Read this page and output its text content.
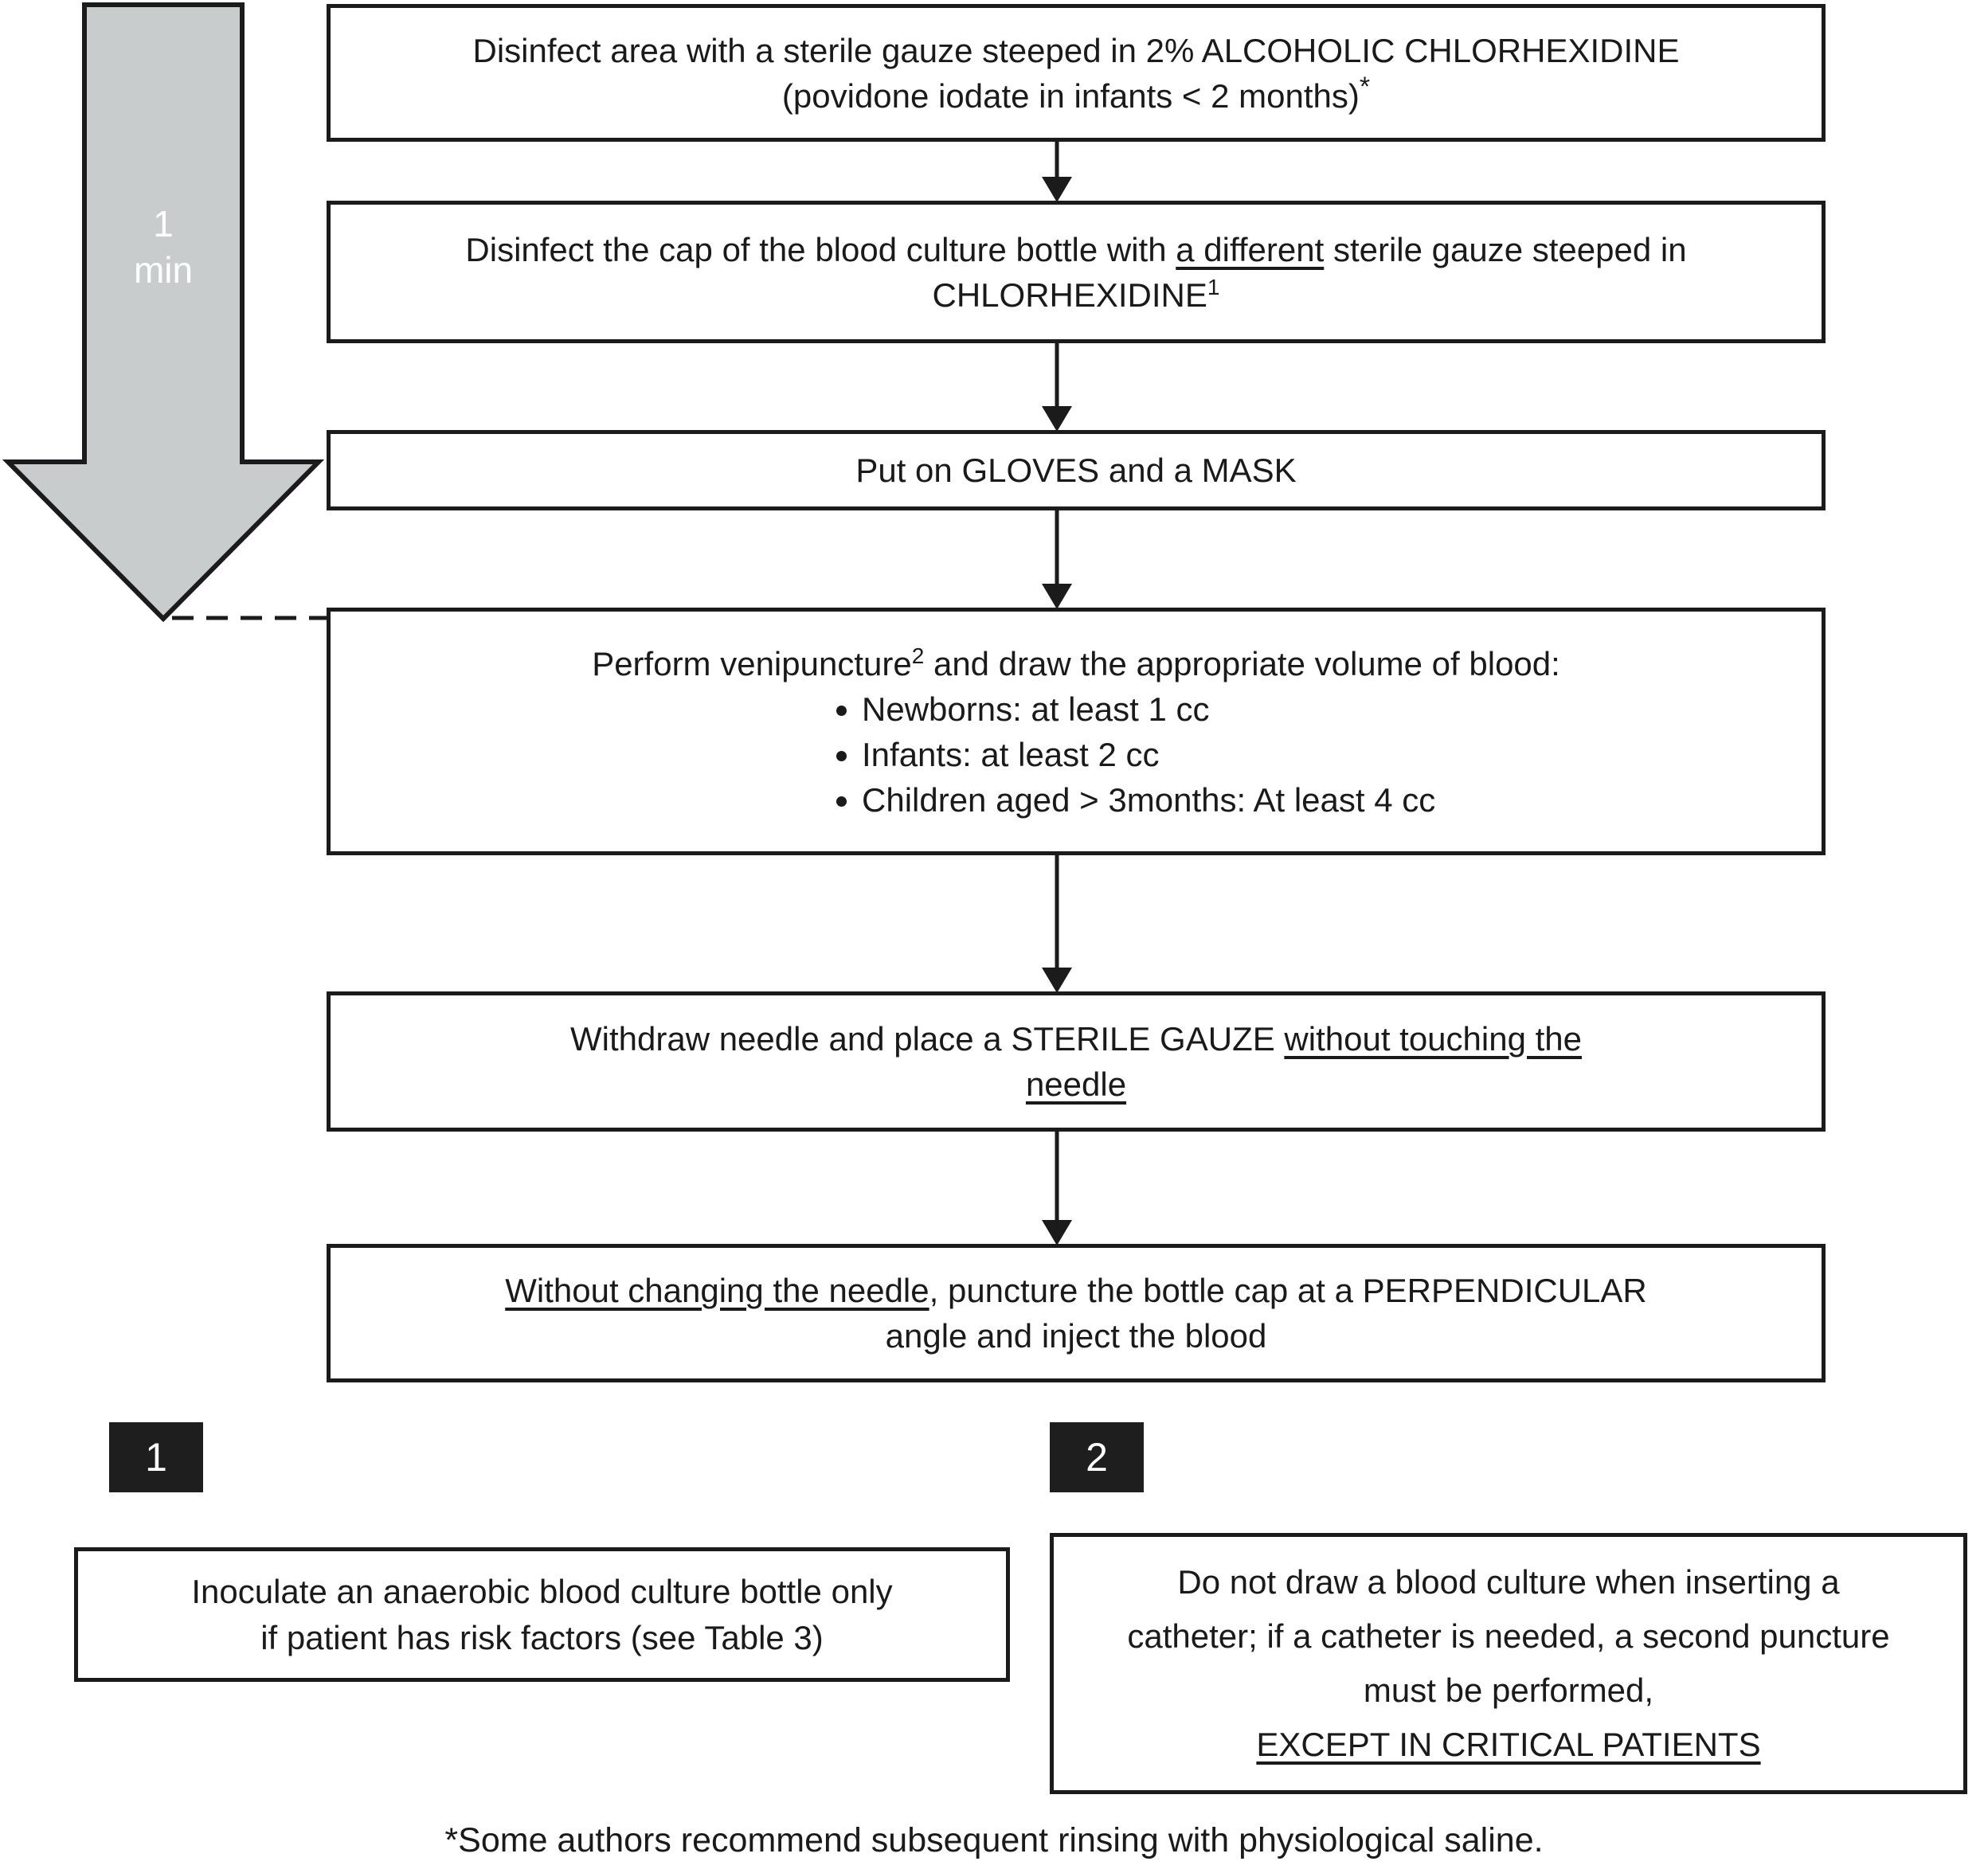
1
min
Disinfect area with a sterile gauze steeped in 2% ALCOHOLIC CHLORHEXIDINE
(povidone iodate in infants < 2 months)*
Disinfect the cap of the blood culture bottle with a different sterile gauze steeped in
CHLORHEXIDINE$^1$
Put on GLOVES and a MASK
Perform venipuncture$^2$ and draw the appropriate volume of blood:
• Newborns: at least 1 cc
• Infants: at least 2 cc
• Children aged > 3months: At least 4 cc
Withdraw needle and place a STERILE GAUZE without touching the
needle
Without changing the needle, puncture the bottle cap at a PERPENDICULAR
angle and inject the blood
1	2
Inoculate an anaerobic blood culture bottle only
if patient has risk factors (see Table 3)
Do not draw a blood culture when inserting a
catheter; if a catheter is needed, a second puncture
must be performed,
EXCEPT IN CRITICAL PATIENTS
*Some authors recommend subsequent rinsing with physiological saline.
